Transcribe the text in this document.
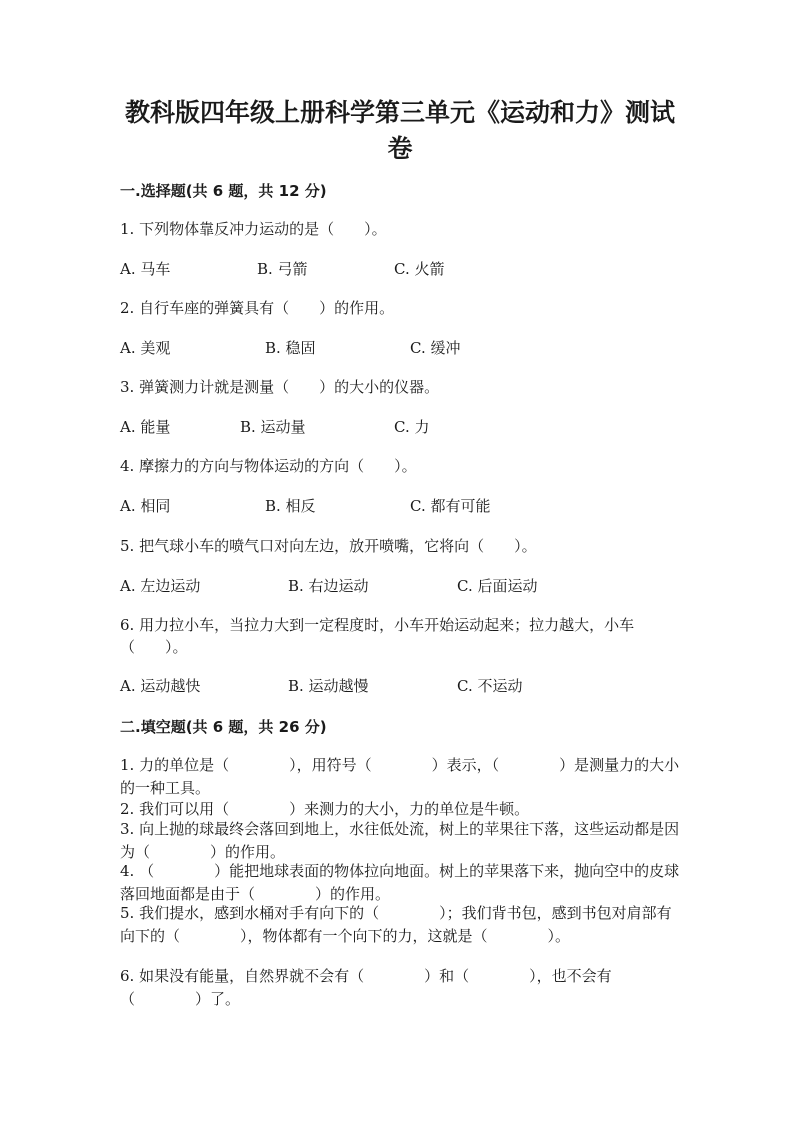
教科版四年级上册科学第三单元《运动和力》测试
卷
一.选择题(共 6 题，共 12 分)
1. 下列物体靠反冲力运动的是（　　）。
A. 马车	B. 弓箭	C. 火箭
2. 自行车座的弹簧具有（　　）的作用。
A. 美观	B. 稳固	C. 缓冲
3. 弹簧测力计就是测量（　　）的大小的仪器。
A. 能量	B. 运动量	C. 力
4. 摩擦力的方向与物体运动的方向（　　）。
A. 相同	B. 相反	C. 都有可能
5. 把气球小车的喷气口对向左边，放开喷嘴，它将向（　　）。
A. 左边运动	B. 右边运动	C. 后面运动
6. 用力拉小车，当拉力大到一定程度时，小车开始运动起来；拉力越大，小车（　　）。
A. 运动越快	B. 运动越慢	C. 不运动
二.填空题(共 6 题，共 26 分)
1. 力的单位是（　　　　），用符号（　　　　）表示，（　　　　）是测量力的大小的一种工具。
2. 我们可以用（　　　　）来测力的大小，力的单位是牛顿。
3. 向上抛的球最终会落回到地上，水往低处流，树上的苹果往下落，这些运动都是因为（　　　　）的作用。
4. （　　　　）能把地球表面的物体拉向地面。树上的苹果落下来，抛向空中的皮球落回地面都是由于（　　　　）的作用。
5. 我们提水，感到水桶对手有向下的（　　　　）；我们背书包，感到书包对肩部有向下的（　　　　），物体都有一个向下的力，这就是（　　　　）。
6. 如果没有能量，自然界就不会有（　　　　）和（　　　　），也不会有（　　　　）了。
